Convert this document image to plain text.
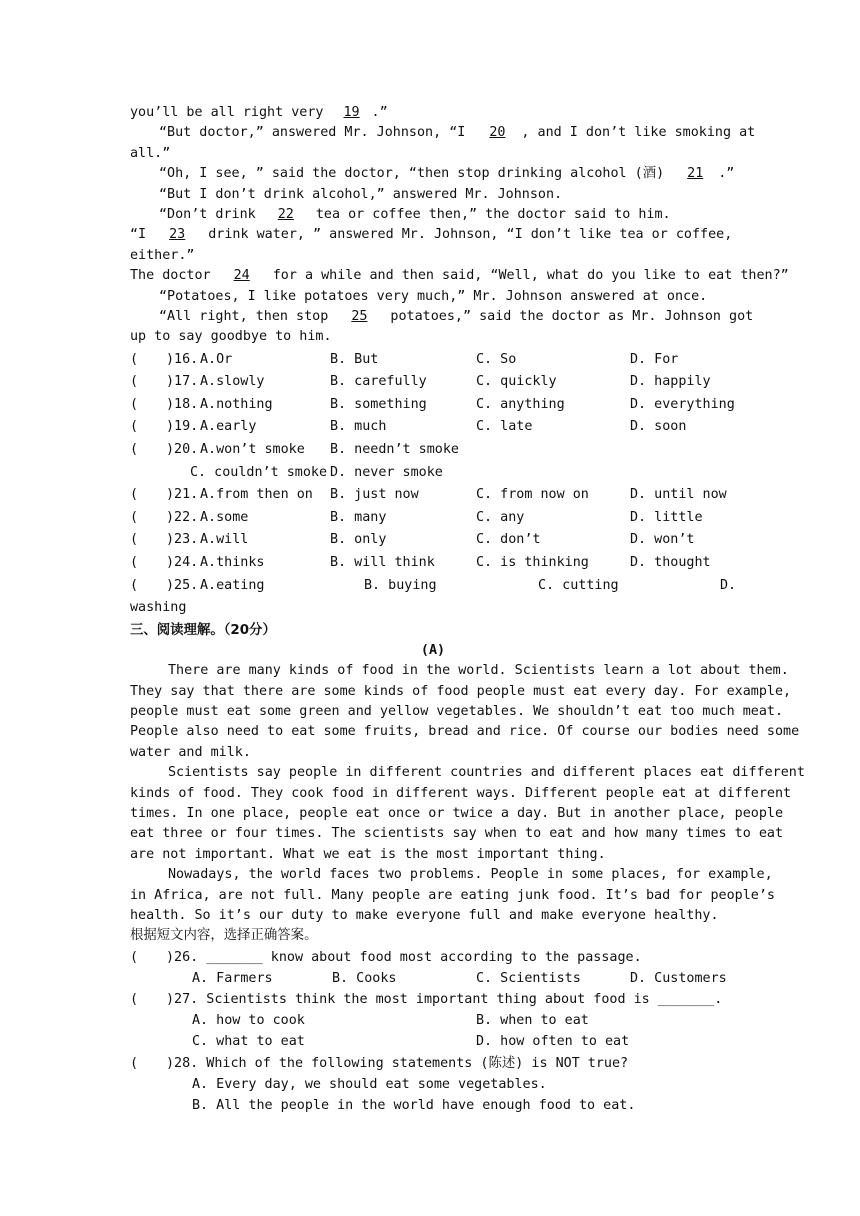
you’ll be all right very 19 .”
“But doctor,” answered Mr. Johnson, “I 20 , and I don’t like smoking at
all.”
“Oh, I see, ” said the doctor, “then stop drinking alcohol (酒) 21 .”
“But I don’t drink alcohol,” answered Mr. Johnson.
“Don’t drink 22 tea or coffee then,” the doctor said to him.
“I 23 drink water, ” answered Mr. Johnson, “I don’t like tea or coffee,
either.”
The doctor 24 for a while and then said, “Well, what do you like to eat then?”
“Potatoes, I like potatoes very much,” Mr. Johnson answered at once.
“All right, then stop 25 potatoes,” said the doctor as Mr. Johnson got
up to say goodbye to him.
( )16. A.Or	B. But	C. So	D. For
( )17. A.slowly	B. carefully	C. quickly	D. happily
( )18. A.nothing	B. something	C. anything	D. everything
( )19. A.early	B. much	C. late	D. soon
( )20. A.won’t smoke B. needn’t smoke
C. couldn’t smoke D. never smoke
( )21. A.from then on B. just now	C. from now on	D. until now
( )22. A.some	B. many	C. any	D. little
( )23. A.will	B. only	C. don’t	D. won’t
( )24. A.thinks	B. will think	C. is thinking	D. thought
( )25. A.eating	B. buying	C. cutting	D.
washing
三、阅读理解。（20分）
(A)
There are many kinds of food in the world. Scientists learn a lot about them.
They say that there are some kinds of food people must eat every day. For example,
people must eat some green and yellow vegetables. We shouldn’t eat too much meat.
People also need to eat some fruits, bread and rice. Of course our bodies need some
water and milk.
Scientists say people in different countries and different places eat different
kinds of food. They cook food in different ways. Different people eat at different
times. In one place, people eat once or twice a day. But in another place, people
eat three or four times. The scientists say when to eat and how many times to eat
are not important. What we eat is the most important thing.
Nowadays, the world faces two problems. People in some places, for example,
in Africa, are not full. Many people are eating junk food. It’s bad for people’s
health. So it’s our duty to make everyone full and make everyone healthy.
根据短文内容，选择正确答案。
( )26. _______ know about food most according to the passage.
A. Farmers	B. Cooks	C. Scientists	D. Customers
( )27. Scientists think the most important thing about food is _______.
A. how to cook	B. when to eat
C. what to eat	D. how often to eat
( )28. Which of the following statements (陈述) is NOT true?
A. Every day, we should eat some vegetables.
B. All the people in the world have enough food to eat.
